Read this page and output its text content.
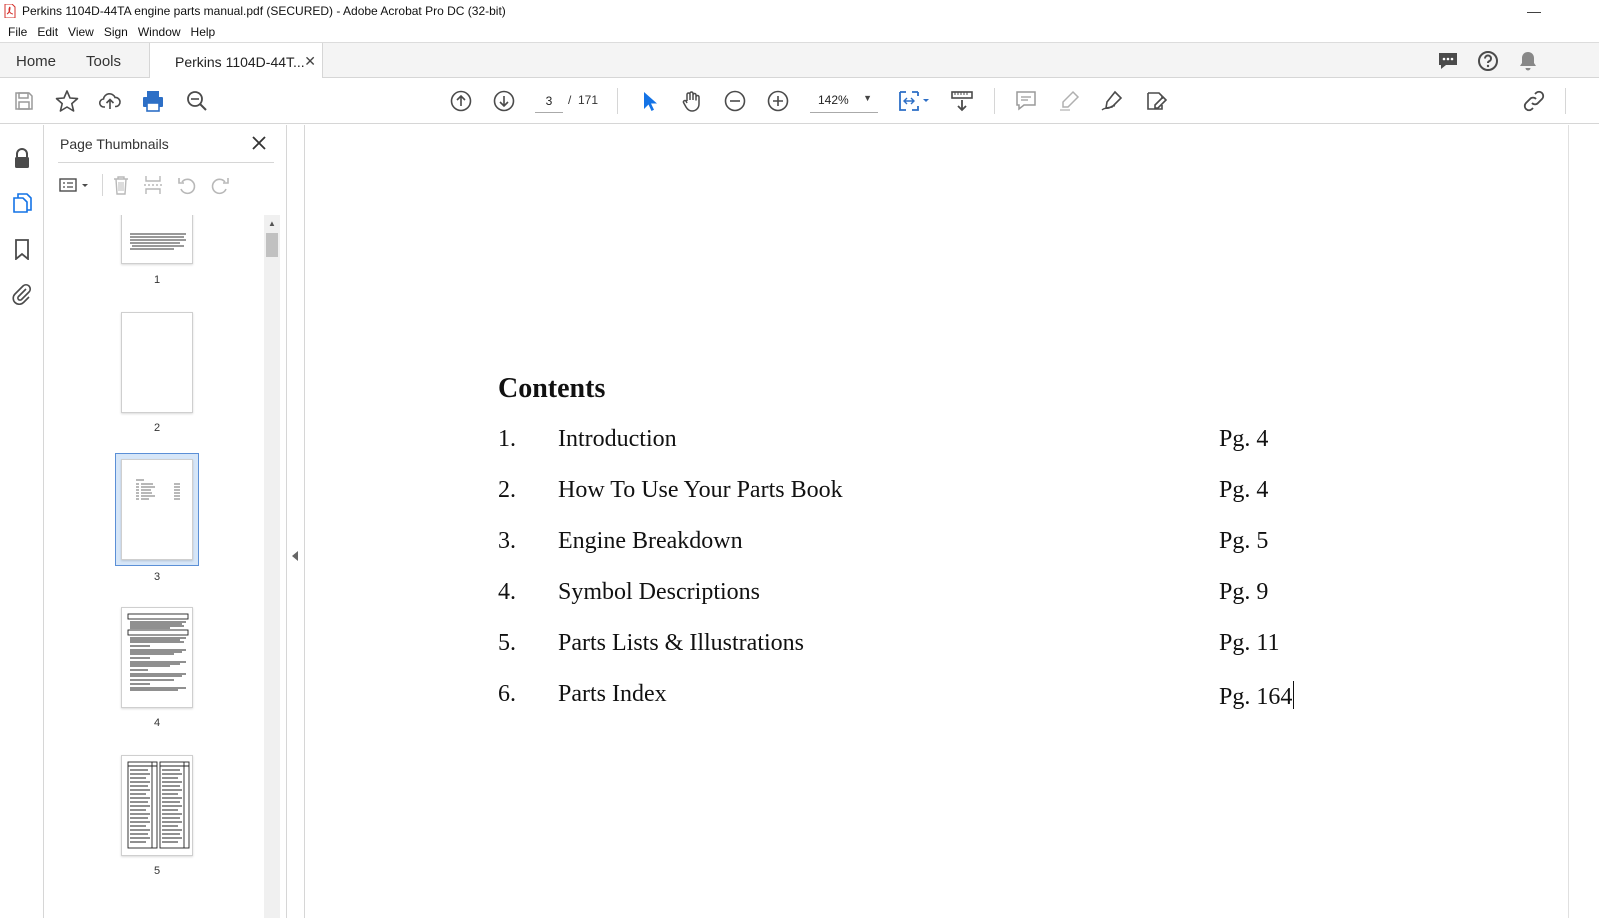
Perkins 1104D-44TA engine parts manual.pdf (SECURED) - Adobe Acrobat Pro DC (32-bit)	—
File Edit View Sign Window Help
Home Tools	Perkins 1104D-44T... ✕
3
/ 171	142% ▼
Page Thumbnails
1
2
3
4
5
▲
Contents
1. Introduction	Pg. 4
2. How To Use Your Parts Book	Pg. 4
3. Engine Breakdown	Pg. 5
4. Symbol Descriptions	Pg. 9
5. Parts Lists & Illustrations	Pg. 11
6. Parts Index	Pg. 164
